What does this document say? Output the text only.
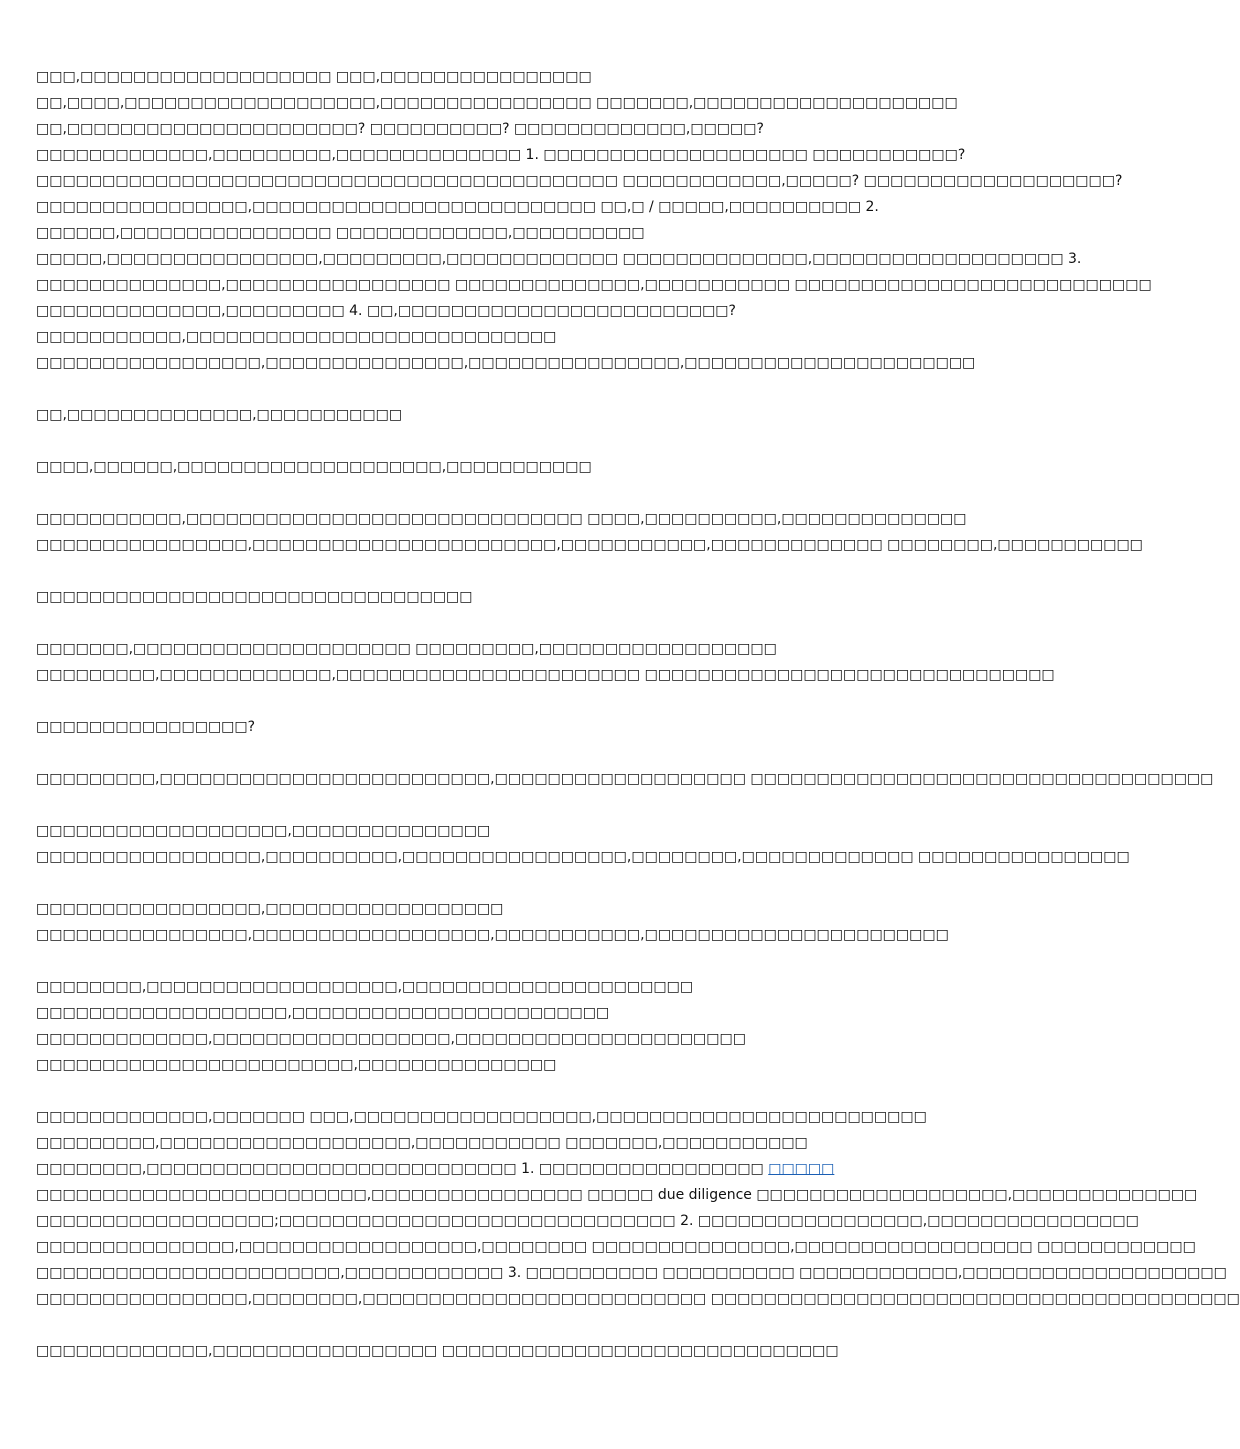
□□□,□□□□□□□□□□□□□□□□□□□ □□□,□□□□□□□□□□□□□□□□
□□,□□□□,□□□□□□□□□□□□□□□□□□□,□□□□□□□□□□□□□□□□ □□□□□□□,□□□□□□□□□□□□□□□□□□□□
□□,□□□□□□□□□□□□□□□□□□□□□□? □□□□□□□□□□? □□□□□□□□□□□□□,□□□□□?
□□□□□□□□□□□□□,□□□□□□□□□,□□□□□□□□□□□□□□ 1. □□□□□□□□□□□□□□□□□□□□ □□□□□□□□□□□?
□□□□□□□□□□□□□□□□□□□□□□□□□□□□□□□□□□□□□□□□□□□□ □□□□□□□□□□□□,□□□□□? □□□□□□□□□□□□□□□□□□□?
□□□□□□□□□□□□□□□□,□□□□□□□□□□□□□□□□□□□□□□□□□□ □□,□ / □□□□□,□□□□□□□□□□ 2.
□□□□□□,□□□□□□□□□□□□□□□□ □□□□□□□□□□□□□,□□□□□□□□□□
□□□□□,□□□□□□□□□□□□□□□□,□□□□□□□□□,□□□□□□□□□□□□□ □□□□□□□□□□□□□□,□□□□□□□□□□□□□□□□□□□ 3.
□□□□□□□□□□□□□□,□□□□□□□□□□□□□□□□□ □□□□□□□□□□□□□□,□□□□□□□□□□□ □□□□□□□□□□□□□□□□□□□□□□□□□□□
□□□□□□□□□□□□□□,□□□□□□□□□ 4. □□,□□□□□□□□□□□□□□□□□□□□□□□□□?
□□□□□□□□□□□,□□□□□□□□□□□□□□□□□□□□□□□□□□□□
□□□□□□□□□□□□□□□□□,□□□□□□□□□□□□□□□,□□□□□□□□□□□□□□□□,□□□□□□□□□□□□□□□□□□□□□□
□□,□□□□□□□□□□□□□□,□□□□□□□□□□□
□□□□,□□□□□□,□□□□□□□□□□□□□□□□□□□□,□□□□□□□□□□□
□□□□□□□□□□□,□□□□□□□□□□□□□□□□□□□□□□□□□□□□□□ □□□□,□□□□□□□□□□,□□□□□□□□□□□□□□
□□□□□□□□□□□□□□□□,□□□□□□□□□□□□□□□□□□□□□□□,□□□□□□□□□□□,□□□□□□□□□□□□□ □□□□□□□□,□□□□□□□□□□□
□□□□□□□□□□□□□□□□□□□□□□□□□□□□□□□□□
□□□□□□□,□□□□□□□□□□□□□□□□□□□□□ □□□□□□□□□,□□□□□□□□□□□□□□□□□□
□□□□□□□□□,□□□□□□□□□□□□□,□□□□□□□□□□□□□□□□□□□□□□□ □□□□□□□□□□□□□□□□□□□□□□□□□□□□□□□
□□□□□□□□□□□□□□□□?
□□□□□□□□□,□□□□□□□□□□□□□□□□□□□□□□□□□,□□□□□□□□□□□□□□□□□□□ □□□□□□□□□□□□□□□□□□□□□□□□□□□□□□□□□□□
□□□□□□□□□□□□□□□□□□□,□□□□□□□□□□□□□□□
□□□□□□□□□□□□□□□□□,□□□□□□□□□□,□□□□□□□□□□□□□□□□□,□□□□□□□□,□□□□□□□□□□□□□ □□□□□□□□□□□□□□□□
□□□□□□□□□□□□□□□□□,□□□□□□□□□□□□□□□□□□
□□□□□□□□□□□□□□□□,□□□□□□□□□□□□□□□□□□,□□□□□□□□□□□,□□□□□□□□□□□□□□□□□□□□□□□
□□□□□□□□,□□□□□□□□□□□□□□□□□□□,□□□□□□□□□□□□□□□□□□□□□□
□□□□□□□□□□□□□□□□□□□,□□□□□□□□□□□□□□□□□□□□□□□□
□□□□□□□□□□□□□,□□□□□□□□□□□□□□□□□□,□□□□□□□□□□□□□□□□□□□□□□
□□□□□□□□□□□□□□□□□□□□□□□□,□□□□□□□□□□□□□□□
□□□□□□□□□□□□□,□□□□□□□ □□□,□□□□□□□□□□□□□□□□□□,□□□□□□□□□□□□□□□□□□□□□□□□□
□□□□□□□□□,□□□□□□□□□□□□□□□□□□□,□□□□□□□□□□□ □□□□□□□,□□□□□□□□□□□
□□□□□□□□,□□□□□□□□□□□□□□□□□□□□□□□□□□□□ 1. □□□□□□□□□□□□□□□□□ □□□□□
□□□□□□□□□□□□□□□□□□□□□□□□□,□□□□□□□□□□□□□□□□ □□□□□ due diligence □□□□□□□□□□□□□□□□□□□,□□□□□□□□□□□□□□
□□□□□□□□□□□□□□□□□□;□□□□□□□□□□□□□□□□□□□□□□□□□□□□□□ 2. □□□□□□□□□□□□□□□□□,□□□□□□□□□□□□□□□□
□□□□□□□□□□□□□□□,□□□□□□□□□□□□□□□□□□,□□□□□□□□ □□□□□□□□□□□□□□□,□□□□□□□□□□□□□□□□□□ □□□□□□□□□□□□
□□□□□□□□□□□□□□□□□□□□□□□,□□□□□□□□□□□□ 3. □□□□□□□□□□ □□□□□□□□□□ □□□□□□□□□□□□,□□□□□□□□□□□□□□□□□□□□
□□□□□□□□□□□□□□□□,□□□□□□□□,□□□□□□□□□□□□□□□□□□□□□□□□□□ □□□□□□□□□□□□□□□□□□□□□□□□□□□□□□□□□□□□□□□□
□□□□□□□□□□□□□,□□□□□□□□□□□□□□□□□ □□□□□□□□□□□□□□□□□□□□□□□□□□□□□□
